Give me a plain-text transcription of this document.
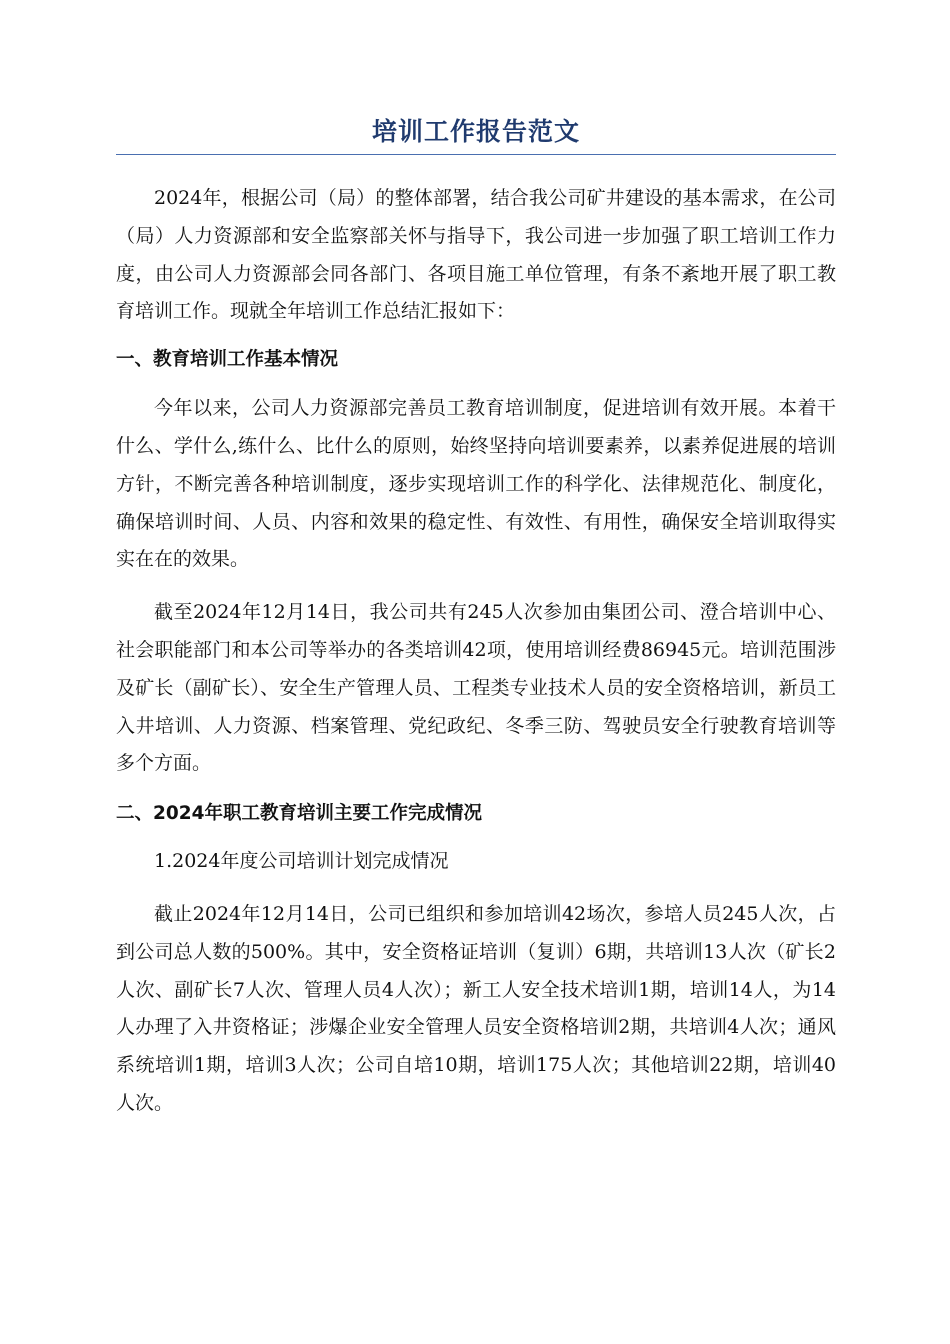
培训工作报告范文

2024年，根据公司（局）的整体部署，结合我公司矿井建设的基本需求，在公司（局）人力资源部和安全监察部关怀与指导下，我公司进一步加强了职工培训工作力度，由公司人力资源部会同各部门、各项目施工单位管理，有条不紊地开展了职工教育培训工作。现就全年培训工作总结汇报如下：

一、教育培训工作基本情况

今年以来，公司人力资源部完善员工教育培训制度，促进培训有效开展。本着干什么、学什么,练什么、比什么的原则，始终坚持向培训要素养，以素养促进展的培训方针，不断完善各种培训制度，逐步实现培训工作的科学化、法律规范化、制度化，确保培训时间、人员、内容和效果的稳定性、有效性、有用性，确保安全培训取得实实在在的效果。

截至2024年12月14日，我公司共有245人次参加由集团公司、澄合培训中心、社会职能部门和本公司等举办的各类培训42项，使用培训经费86945元。培训范围涉及矿长（副矿长）、安全生产管理人员、工程类专业技术人员的安全资格培训，新员工入井培训、人力资源、档案管理、党纪政纪、冬季三防、驾驶员安全行驶教育培训等多个方面。

二、2024年职工教育培训主要工作完成情况

1.2024年度公司培训计划完成情况

截止2024年12月14日，公司已组织和参加培训42场次，参培人员245人次，占到公司总人数的500%。其中，安全资格证培训（复训）6期，共培训13人次（矿长2人次、副矿长7人次、管理人员4人次）；新工人安全技术培训1期，培训14人，为14人办理了入井资格证；涉爆企业安全管理人员安全资格培训2期，共培训4人次；通风系统培训1期，培训3人次；公司自培10期，培训175人次；其他培训22期，培训40人次。
